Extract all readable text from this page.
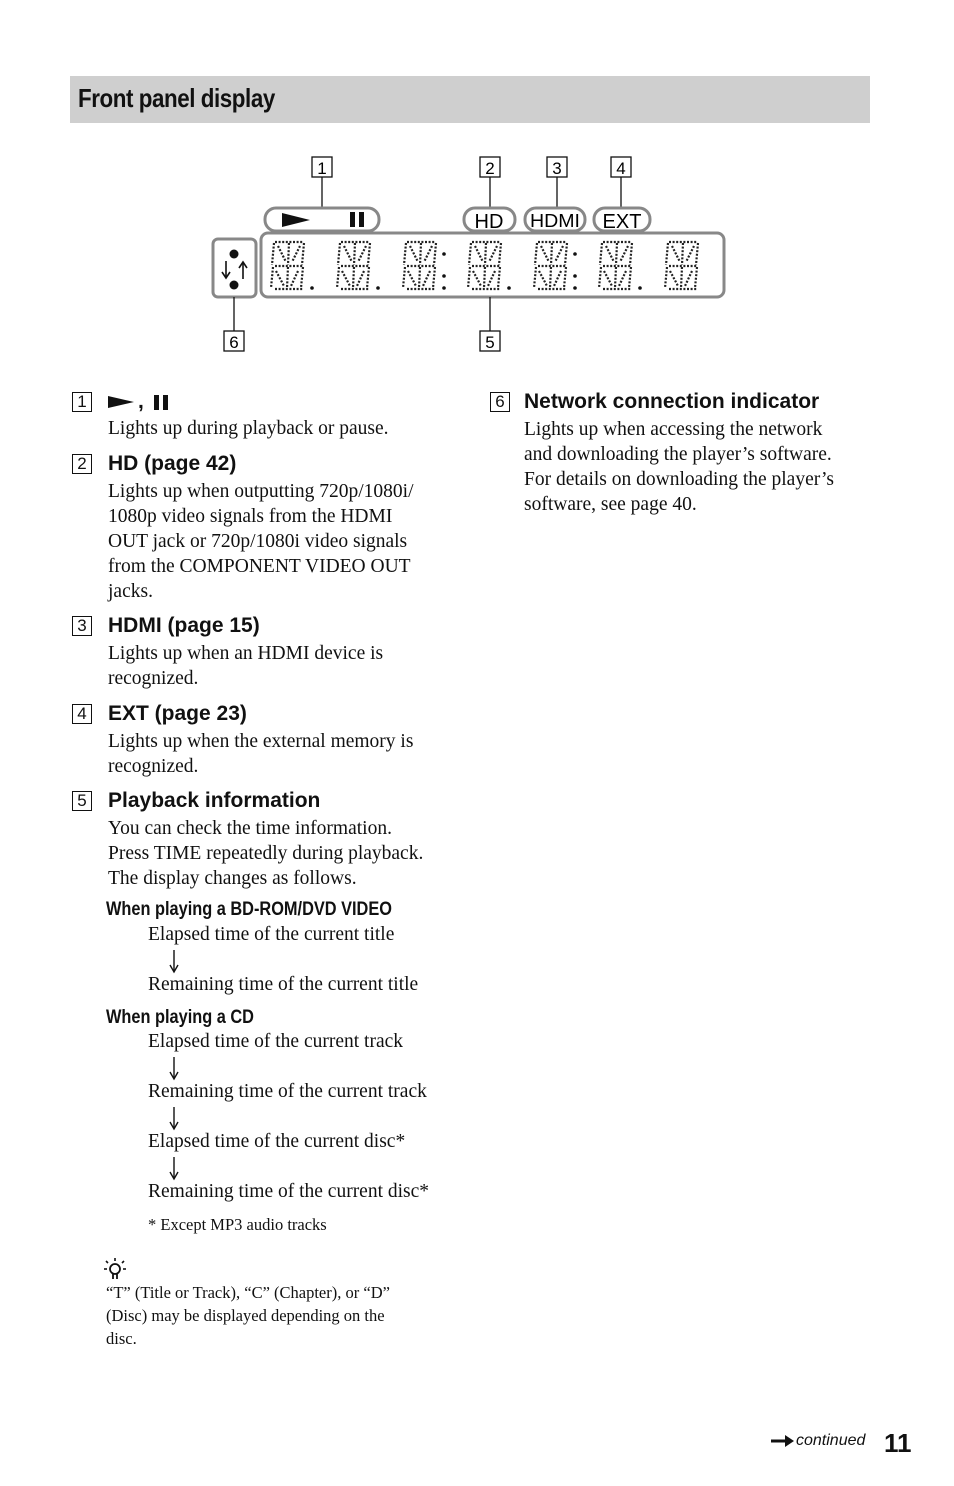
Front panel display
1	2	3	4
HD HDMI EXT
6	5
1 ,
Lights up during playback or pause.
2 HD (page 42)
Lights up when outputting 720p/1080i/
1080p video signals from the HDMI
OUT jack or 720p/1080i video signals
from the COMPONENT VIDEO OUT
jacks.
3 HDMI (page 15)
Lights up when an HDMI device is
recognized.
4 EXT (page 23)
Lights up when the external memory is
recognized.
5 Playback information
You can check the time information.
Press TIME repeatedly during playback.
The display changes as follows.
When playing a BD-ROM/DVD VIDEO
Elapsed time of the current title
Remaining time of the current title
When playing a CD
Elapsed time of the current track
Remaining time of the current track
Elapsed time of the current disc*
Remaining time of the current disc*
* Except MP3 audio tracks
“T” (Title or Track), “C” (Chapter), or “D”
(Disc) may be displayed depending on the
disc.
6 Network connection indicator
Lights up when accessing the network
and downloading the player’s software.
For details on downloading the player’s
software, see page 40.
continued 11
